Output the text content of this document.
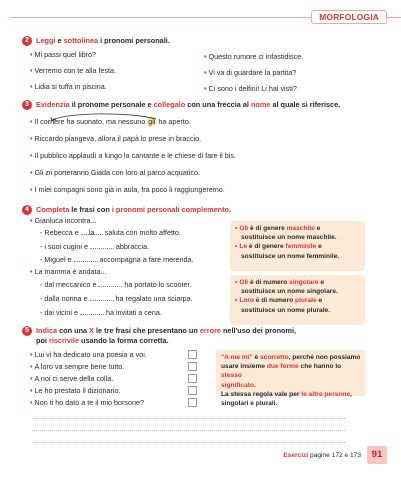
MORFOLOGIA
2 Leggi e sottolinea i pronomi personali.
• Mi passi quel libro?
• Verremo con te alla festa.
• Lidia si tuffa in piscina.
• Questo rumore ci infastidisce.
• Vi va di guardare la partita?
• Ci sono i delfini! Li hai visti?
3 Evidenzia il pronome personale e collegalo con una freccia al nome al quale si riferisce.
• Il corriere ha suonato, ma nessuno gli ha aperto.
• Riccardo piangeva, allora il papà lo prese in braccio.
• Il pubblico applaudì a lungo la cantante e le chiese di fare il bis.
• Gli zii porteranno Giada con loro al parco acquatico.
• I miei compagni sono già in aula, fra poco li raggiungeremo.
4 Completa le frasi con i pronomi personali complemento.
• Gianluca incontra...
- Rebecca e la saluta con molto affetto.
- i suoi cugini e	abbraccia.
- Miguel e	accompagna a fare merenda.
• La mamma è andata...
- dal meccanico e	ha portato lo scooter.
- dalla nonna e	ha regalato una sciarpa.
- dai vicini e	ha invitati a cena.
• Gli è di genere maschile e
sostituisce un nome maschile.
• Le è di genere femminile e
sostituisce un nome femminile.
• Gli è di numero singolare e
sostituisce un nome singolare.
• Loro è di numero plurale e
sostituisce un nome plurale.
5 Indica con una X le tre frasi che presentano un errore nell'uso dei pronomi,
poi riscrivile usando la forma corretta.
• Lui vi ha dedicato una poesia a voi.
• A loro va sempre bene tutto.
• A noi ci serve della colla.
• Le ho prestato il dizionario.
• Non ti ho dato a te il mio borsone?
"A me mi" è scorretto, perché non possiamo
usare insieme due forme che hanno lo stesso
significato.
La stessa regola vale per le altre persone,
singolari e plurali.
Esercizi pagine 172 e 173	91
